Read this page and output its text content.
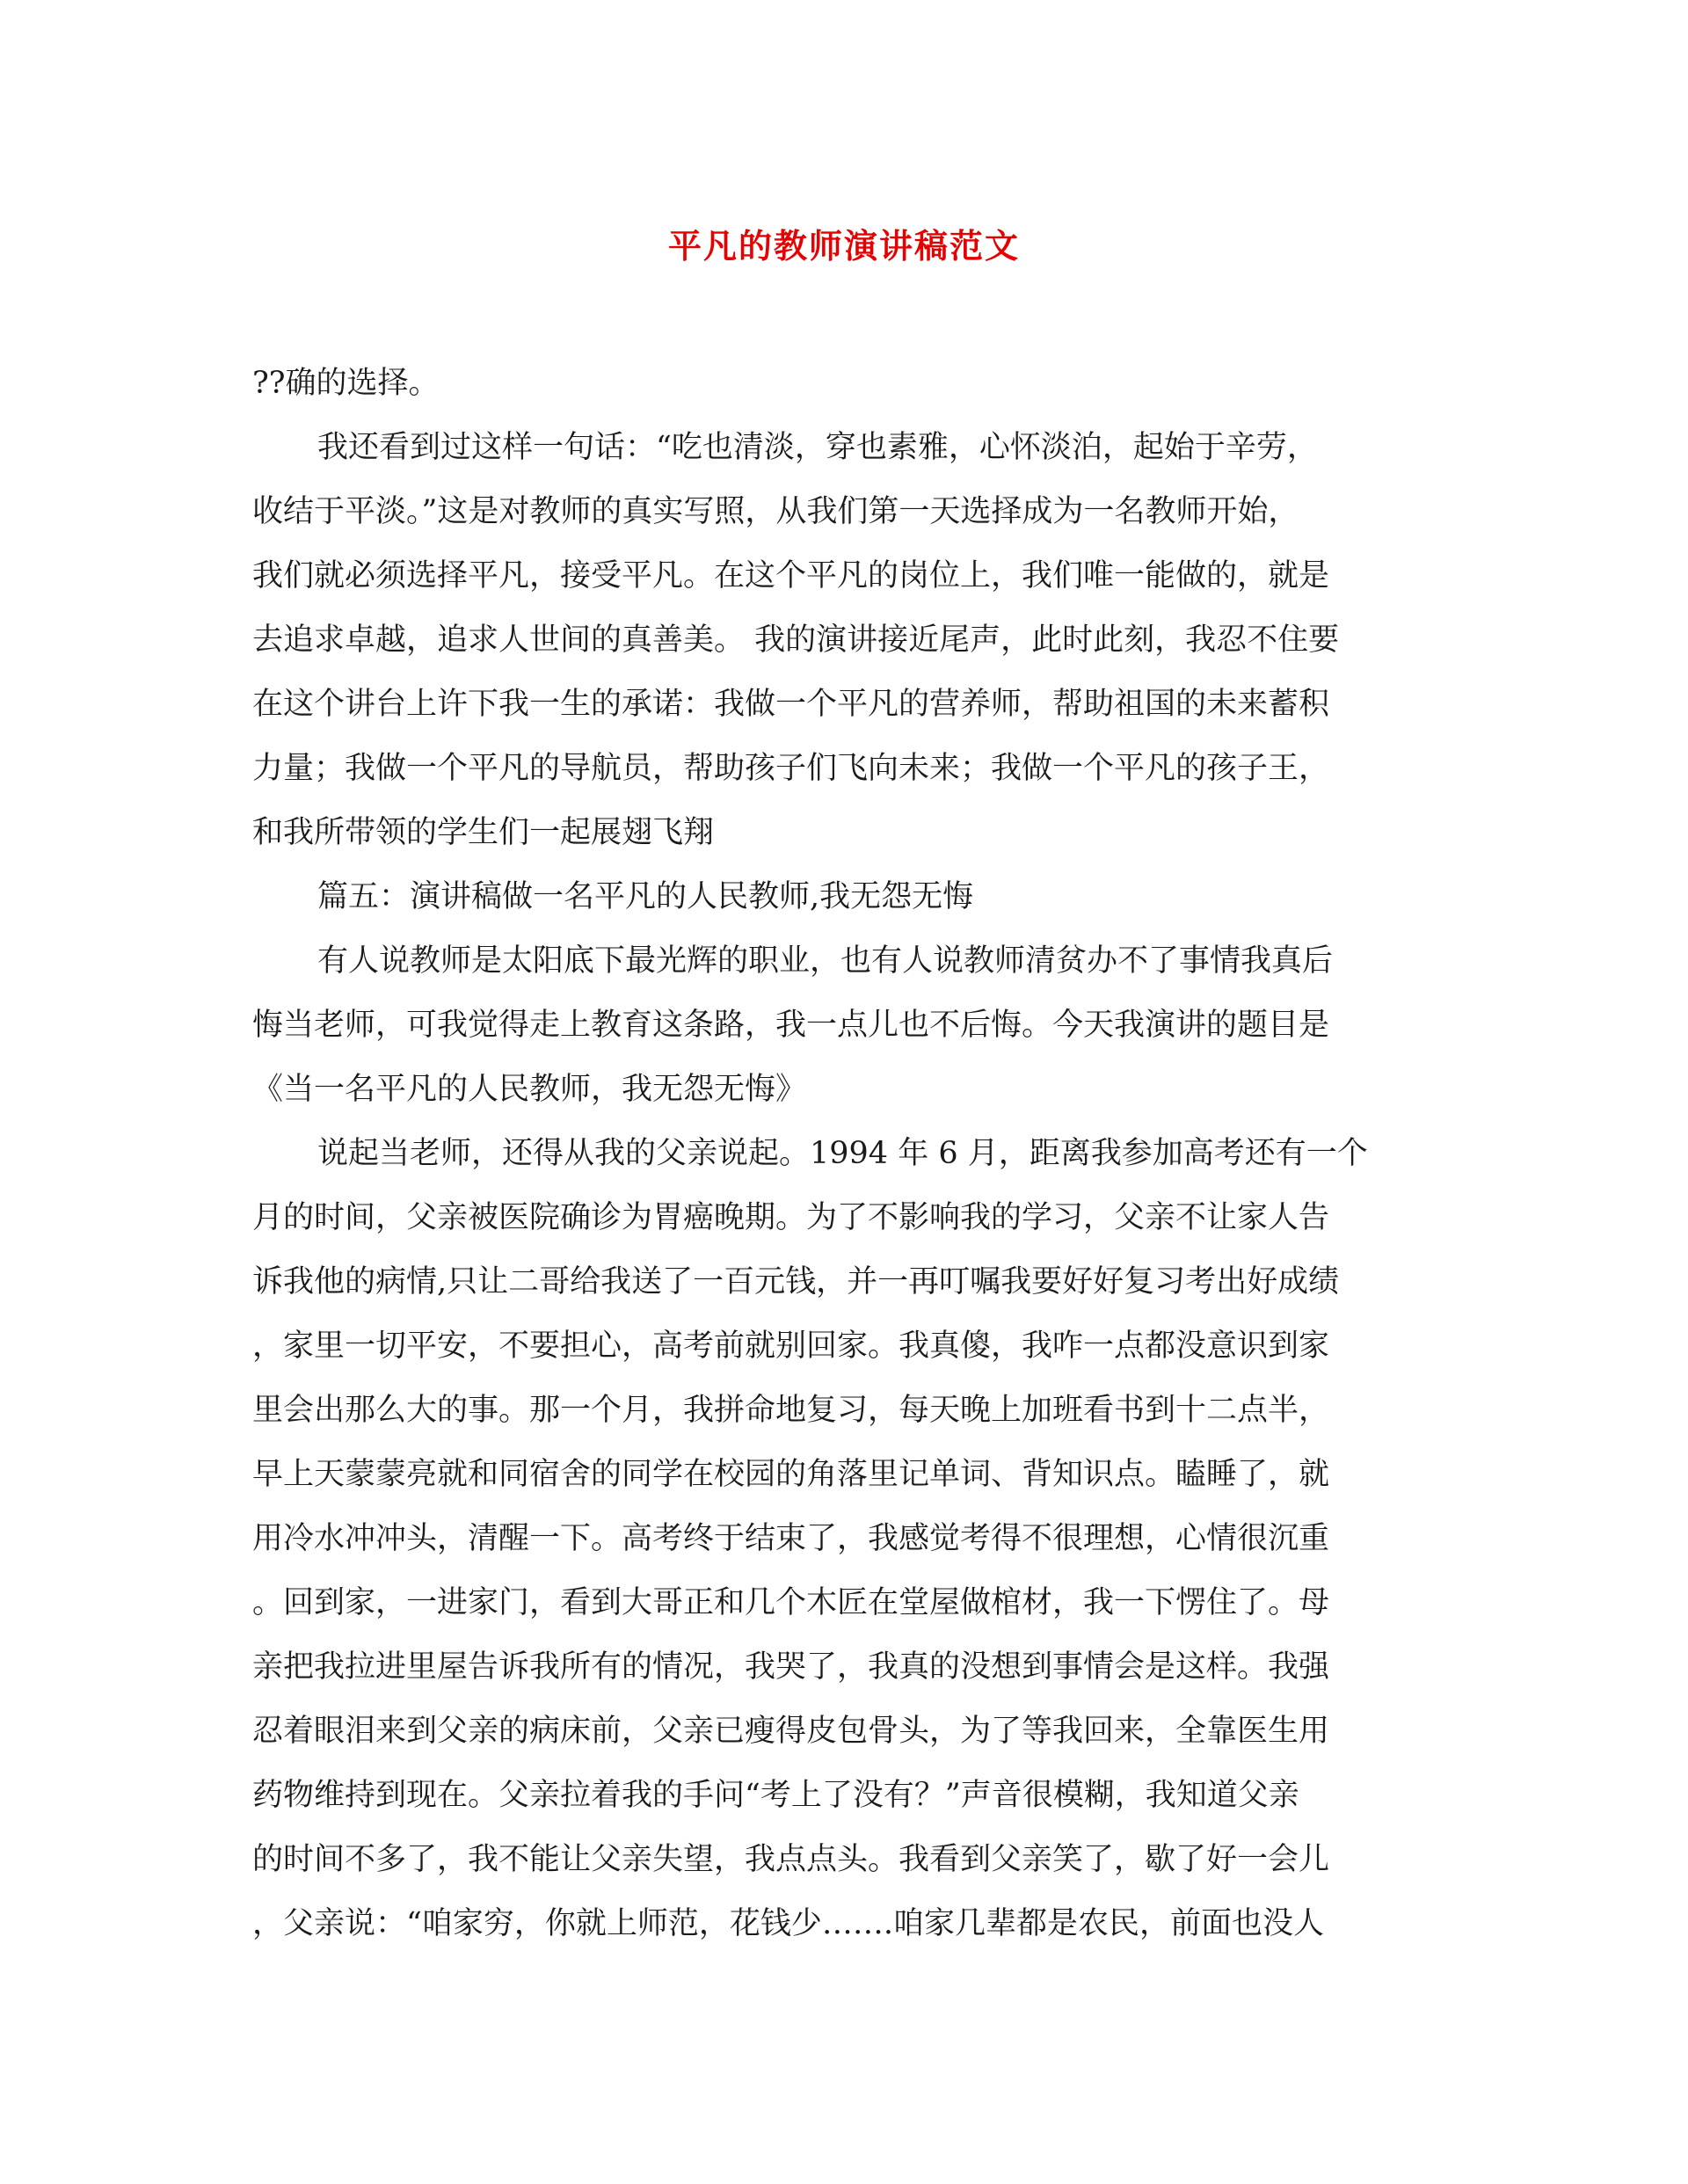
平凡的教师演讲稿范文
??确的选择。
我还看到过这样一句话：“吃也清淡，穿也素雅，心怀淡泊，起始于辛劳，
收结于平淡。”这是对教师的真实写照，从我们第一天选择成为一名教师开始，
我们就必须选择平凡，接受平凡。在这个平凡的岗位上，我们唯一能做的，就是
去追求卓越，追求人世间的真善美。 我的演讲接近尾声，此时此刻，我忍不住要
在这个讲台上许下我一生的承诺：我做一个平凡的营养师，帮助祖国的未来蓄积
力量；我做一个平凡的导航员，帮助孩子们飞向未来；我做一个平凡的孩子王，
和我所带领的学生们一起展翅飞翔
篇五：演讲稿做一名平凡的人民教师,我无怨无悔
有人说教师是太阳底下最光辉的职业，也有人说教师清贫办不了事情我真后
悔当老师，可我觉得走上教育这条路，我一点儿也不后悔。今天我演讲的题目是
《当一名平凡的人民教师，我无怨无悔》
说起当老师，还得从我的父亲说起。1994 年 6 月，距离我参加高考还有一个
月的时间，父亲被医院确诊为胃癌晚期。为了不影响我的学习，父亲不让家人告
诉我他的病情,只让二哥给我送了一百元钱，并一再叮嘱我要好好复习考出好成绩
，家里一切平安，不要担心，高考前就别回家。我真傻，我咋一点都没意识到家
里会出那么大的事。那一个月，我拼命地复习，每天晚上加班看书到十二点半，
早上天蒙蒙亮就和同宿舍的同学在校园的角落里记单词、背知识点。瞌睡了，就
用冷水冲冲头，清醒一下。高考终于结束了，我感觉考得不很理想，心情很沉重
。回到家，一进家门，看到大哥正和几个木匠在堂屋做棺材，我一下愣住了。母
亲把我拉进里屋告诉我所有的情况，我哭了，我真的没想到事情会是这样。我强
忍着眼泪来到父亲的病床前，父亲已瘦得皮包骨头，为了等我回来，全靠医生用
药物维持到现在。父亲拉着我的手问“考上了没有？”声音很模糊，我知道父亲
的时间不多了，我不能让父亲失望，我点点头。我看到父亲笑了，歇了好一会儿
，父亲说：“咱家穷，你就上师范，花钱少…….咱家几辈都是农民，前面也没人
